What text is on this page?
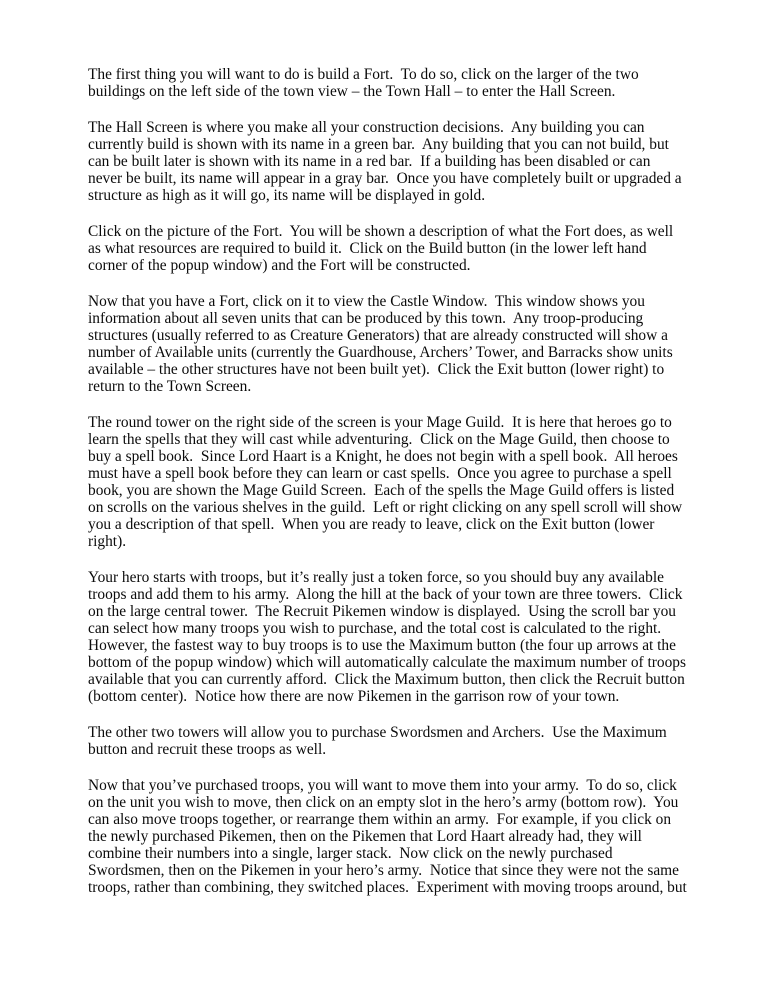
The first thing you will want to do is build a Fort.  To do so, click on the larger of the two buildings on the left side of the town view – the Town Hall – to enter the Hall Screen.

The Hall Screen is where you make all your construction decisions.  Any building you can currently build is shown with its name in a green bar.  Any building that you can not build, but can be built later is shown with its name in a red bar.  If a building has been disabled or can never be built, its name will appear in a gray bar.  Once you have completely built or upgraded a structure as high as it will go, its name will be displayed in gold.

Click on the picture of the Fort.  You will be shown a description of what the Fort does, as well as what resources are required to build it.  Click on the Build button (in the lower left hand corner of the popup window) and the Fort will be constructed.

Now that you have a Fort, click on it to view the Castle Window.  This window shows you information about all seven units that can be produced by this town.  Any troop-producing structures (usually referred to as Creature Generators) that are already constructed will show a number of Available units (currently the Guardhouse, Archers’ Tower, and Barracks show units available – the other structures have not been built yet).  Click the Exit button (lower right) to return to the Town Screen.

The round tower on the right side of the screen is your Mage Guild.  It is here that heroes go to learn the spells that they will cast while adventuring.  Click on the Mage Guild, then choose to buy a spell book.  Since Lord Haart is a Knight, he does not begin with a spell book.  All heroes must have a spell book before they can learn or cast spells.  Once you agree to purchase a spell book, you are shown the Mage Guild Screen.  Each of the spells the Mage Guild offers is listed on scrolls on the various shelves in the guild.  Left or right clicking on any spell scroll will show you a description of that spell.  When you are ready to leave, click on the Exit button (lower right).

Your hero starts with troops, but it’s really just a token force, so you should buy any available troops and add them to his army.  Along the hill at the back of your town are three towers.  Click on the large central tower.  The Recruit Pikemen window is displayed.  Using the scroll bar you can select how many troops you wish to purchase, and the total cost is calculated to the right.  However, the fastest way to buy troops is to use the Maximum button (the four up arrows at the bottom of the popup window) which will automatically calculate the maximum number of troops available that you can currently afford.  Click the Maximum button, then click the Recruit button (bottom center).  Notice how there are now Pikemen in the garrison row of your town.

The other two towers will allow you to purchase Swordsmen and Archers.  Use the Maximum button and recruit these troops as well.

Now that you’ve purchased troops, you will want to move them into your army.  To do so, click on the unit you wish to move, then click on an empty slot in the hero’s army (bottom row).  You can also move troops together, or rearrange them within an army.  For example, if you click on the newly purchased Pikemen, then on the Pikemen that Lord Haart already had, they will combine their numbers into a single, larger stack.  Now click on the newly purchased Swordsmen, then on the Pikemen in your hero’s army.  Notice that since they were not the same troops, rather than combining, they switched places.  Experiment with moving troops around, but
